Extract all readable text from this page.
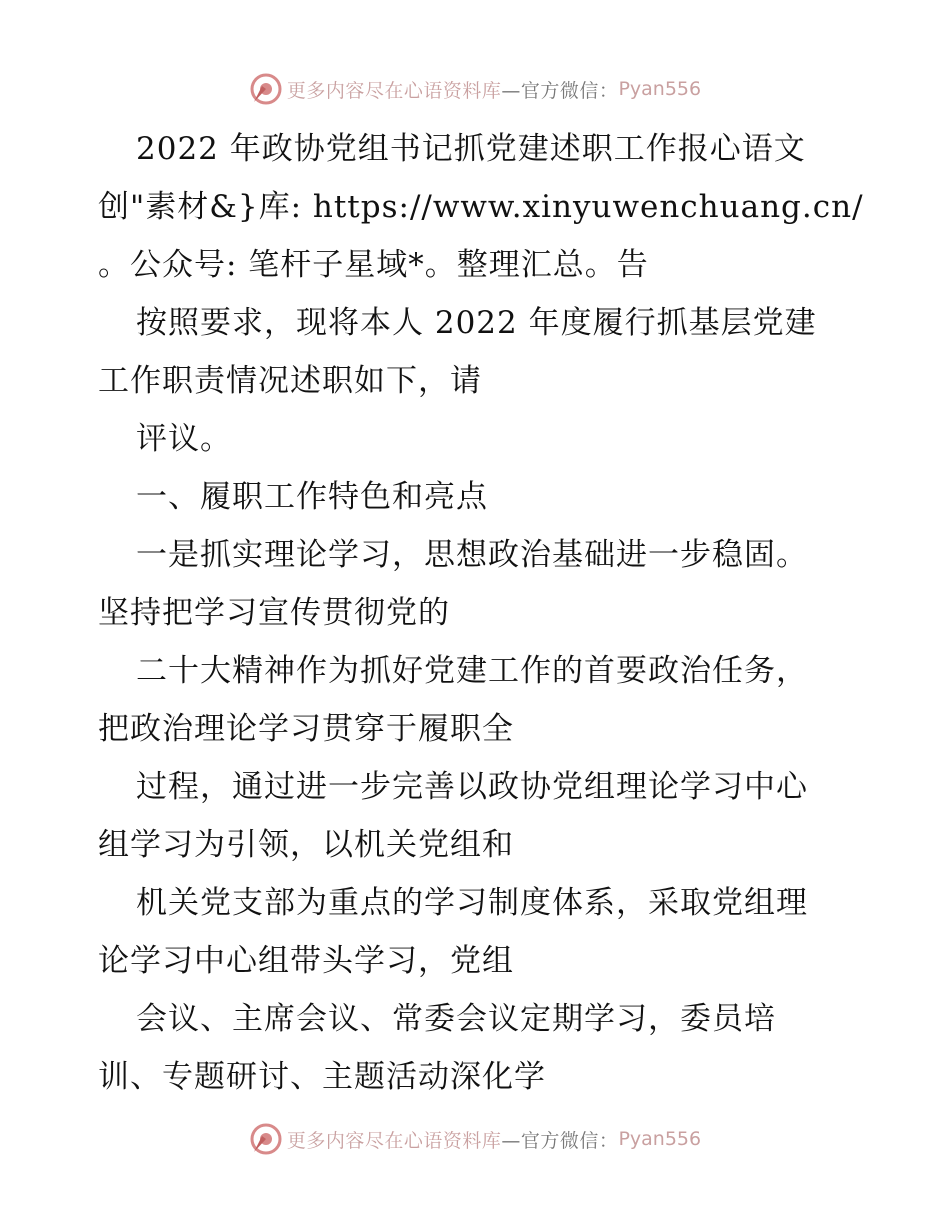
更多内容尽在心语资料库 —官方微信： Pyan556

2022 年政协党组书记抓党建述职工作报心语文

创"素材&}库: https://www.xinyuwenchuang.cn/

。公众号: 笔杆子星域*。整理汇总。告

按照要求，现将本人 2022 年度履行抓基层党建

工作职责情况述职如下，请

评议。

一、履职工作特色和亮点

一是抓实理论学习，思想政治基础进一步稳固。

坚持把学习宣传贯彻党的

二十大精神作为抓好党建工作的首要政治任务，

把政治理论学习贯穿于履职全

过程，通过进一步完善以政协党组理论学习中心

组学习为引领，以机关党组和

机关党支部为重点的学习制度体系，采取党组理

论学习中心组带头学习，党组

会议、主席会议、常委会议定期学习，委员培

训、专题研讨、主题活动深化学

更多内容尽在心语资料库 —官方微信： Pyan556
